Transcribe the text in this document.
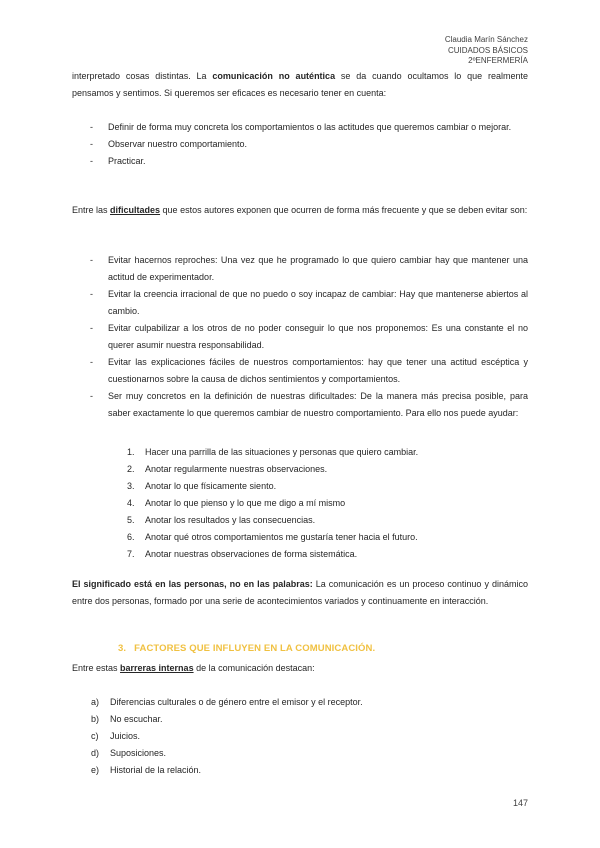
Claudia Marín Sánchez
CUIDADOS BÁSICOS
2ºENFERMERÍA
interpretado cosas distintas. La comunicación no auténtica se da cuando ocultamos lo que realmente pensamos y sentimos. Si queremos ser eficaces es necesario tener en cuenta:
- Definir de forma muy concreta los comportamientos o las actitudes que queremos cambiar o mejorar.
- Observar nuestro comportamiento.
- Practicar.
Entre las dificultades que estos autores exponen que ocurren de forma más frecuente y que se deben evitar son:
- Evitar hacernos reproches: Una vez que he programado lo que quiero cambiar hay que mantener una actitud de experimentador.
- Evitar la creencia irracional de que no puedo o soy incapaz de cambiar: Hay que mantenerse abiertos al cambio.
- Evitar culpabilizar a los otros de no poder conseguir lo que nos proponemos: Es una constante el no querer asumir nuestra responsabilidad.
- Evitar las explicaciones fáciles de nuestros comportamientos: hay que tener una actitud escéptica y cuestionarnos sobre la causa de dichos sentimientos y comportamientos.
- Ser muy concretos en la definición de nuestras dificultades: De la manera más precisa posible, para saber exactamente lo que queremos cambiar de nuestro comportamiento. Para ello nos puede ayudar:
1. Hacer una parrilla de las situaciones y personas que quiero cambiar.
2. Anotar regularmente nuestras observaciones.
3. Anotar lo que físicamente siento.
4. Anotar lo que pienso y lo que me digo a mí mismo
5. Anotar los resultados y las consecuencias.
6. Anotar qué otros comportamientos me gustaría tener hacia el futuro.
7. Anotar nuestras observaciones de forma sistemática.
El significado está en las personas, no en las palabras: La comunicación es un proceso continuo y dinámico entre dos personas, formado por una serie de acontecimientos variados y continuamente en interacción.
3. FACTORES QUE INFLUYEN EN LA COMUNICACIÓN.
Entre estas barreras internas de la comunicación destacan:
a) Diferencias culturales o de género entre el emisor y el receptor.
b) No escuchar.
c) Juicios.
d) Suposiciones.
e) Historial de la relación.
147
